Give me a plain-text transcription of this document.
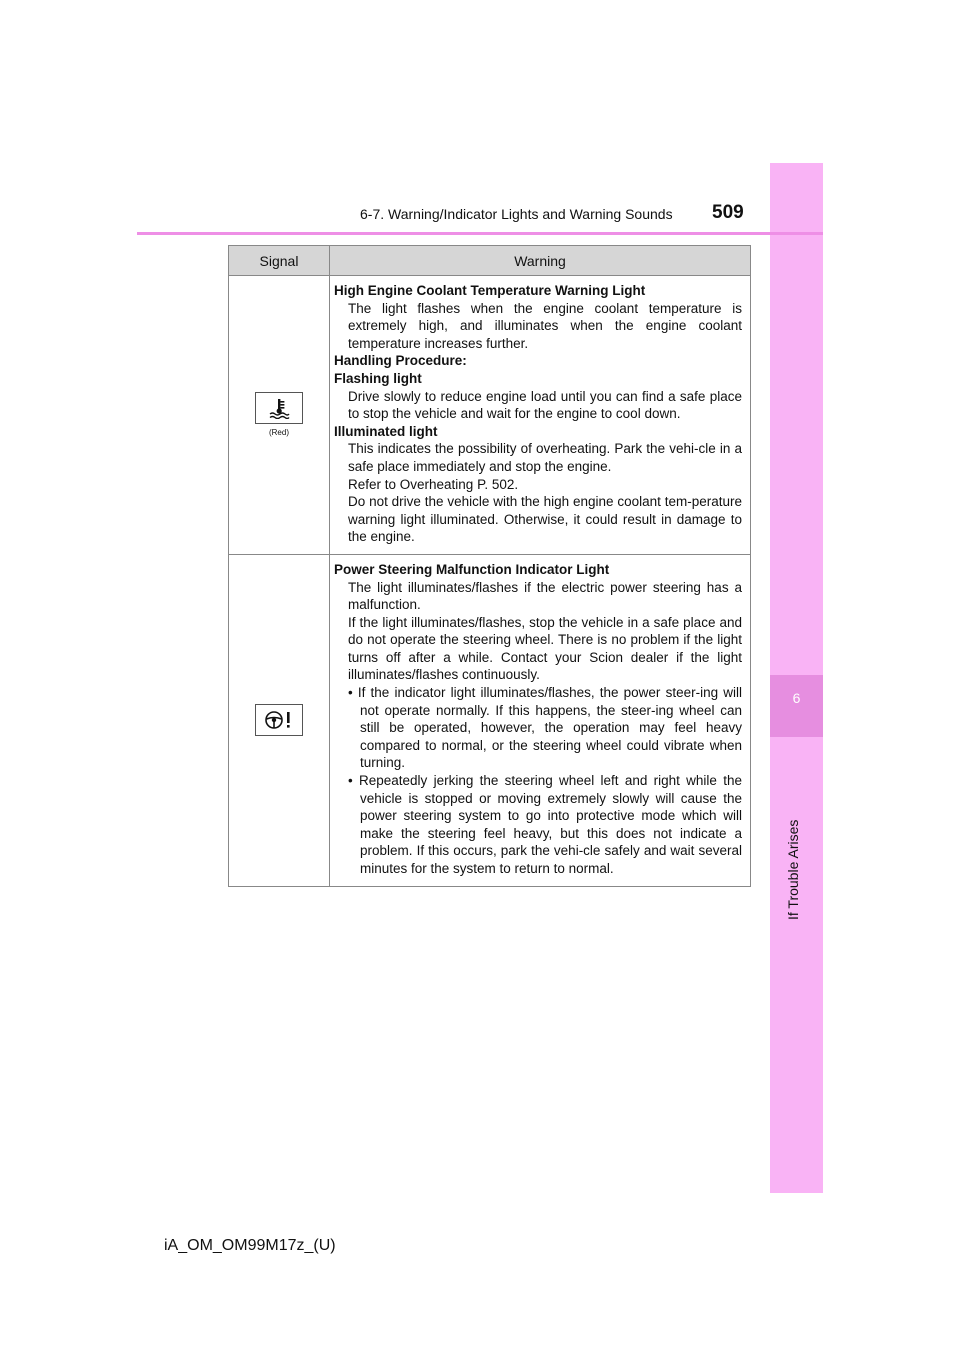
6
If Trouble Arises
6-7. Warning/Indicator Lights and Warning Sounds 509
Signal	Warning
(Red)
High Engine Coolant Temperature Warning Light
The light flashes when the engine coolant temperature is extremely high, and illuminates when the engine coolant temperature increases further.
Handling Procedure:
Flashing light
Drive slowly to reduce engine load until you can find a safe place to stop the vehicle and wait for the engine to cool down.
Illuminated light
This indicates the possibility of overheating. Park the vehi-cle in a safe place immediately and stop the engine.
Refer to Overheating P. 502.
Do not drive the vehicle with the high engine coolant tem-perature warning light illuminated. Otherwise, it could result in damage to the engine.
Power Steering Malfunction Indicator Light
The light illuminates/flashes if the electric power steering has a malfunction.
If the light illuminates/flashes, stop the vehicle in a safe place and do not operate the steering wheel. There is no problem if the light turns off after a while. Contact your Scion dealer if the light illuminates/flashes continuously.
• If the indicator light illuminates/flashes, the power steer-ing will not operate normally. If this happens, the steer-ing wheel can still be operated, however, the operation may feel heavy compared to normal, or the steering wheel could vibrate when turning.
• Repeatedly jerking the steering wheel left and right while the vehicle is stopped or moving extremely slowly will cause the power steering system to go into protective mode which will make the steering feel heavy, but this does not indicate a problem. If this occurs, park the vehi-cle safely and wait several minutes for the system to return to normal.
iA_OM_OM99M17z_(U)
